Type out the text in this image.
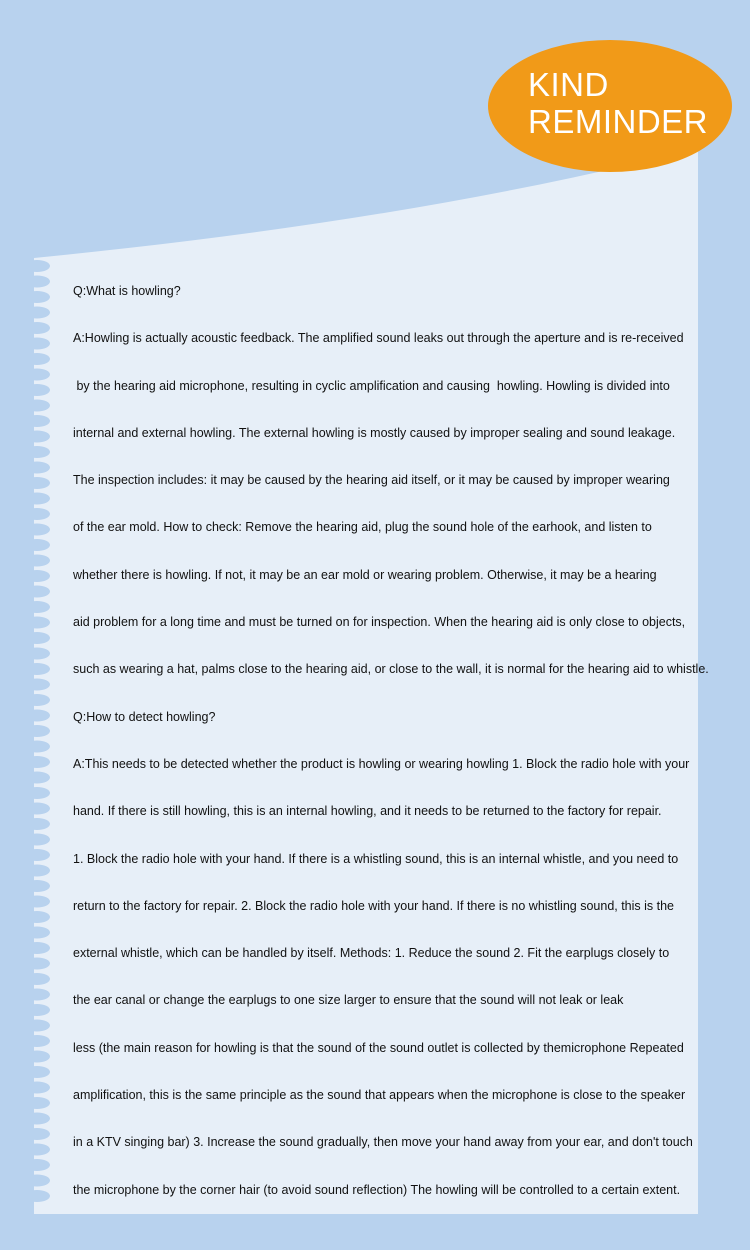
KIND
REMINDER

Q:What is howling?

A:Howling is actually acoustic feedback. The amplified sound leaks out through the aperture and is re-received

by the hearing aid microphone, resulting in cyclic amplification and causing  howling. Howling is divided into

internal and external howling. The external howling is mostly caused by improper sealing and sound leakage.

The inspection includes: it may be caused by the hearing aid itself, or it may be caused by improper wearing

of the ear mold. How to check: Remove the hearing aid, plug the sound hole of the earhook, and listen to

whether there is howling. If not, it may be an ear mold or wearing problem. Otherwise, it may be a hearing

aid problem for a long time and must be turned on for inspection. When the hearing aid is only close to objects,

such as wearing a hat, palms close to the hearing aid, or close to the wall, it is normal for the hearing aid to whistle.

Q:How to detect howling?

A:This needs to be detected whether the product is howling or wearing howling 1. Block the radio hole with your

hand. If there is still howling, this is an internal howling, and it needs to be returned to the factory for repair.

1. Block the radio hole with your hand. If there is a whistling sound, this is an internal whistle, and you need to

return to the factory for repair. 2. Block the radio hole with your hand. If there is no whistling sound, this is the

external whistle, which can be handled by itself. Methods: 1. Reduce the sound 2. Fit the earplugs closely to

the ear canal or change the earplugs to one size larger to ensure that the sound will not leak or leak

less (the main reason for howling is that the sound of the sound outlet is collected by themicrophone Repeated

amplification, this is the same principle as the sound that appears when the microphone is close to the speaker

in a KTV singing bar) 3. Increase the sound gradually, then move your hand away from your ear, and don't touch

the microphone by the corner hair (to avoid sound reflection) The howling will be controlled to a certain extent.
